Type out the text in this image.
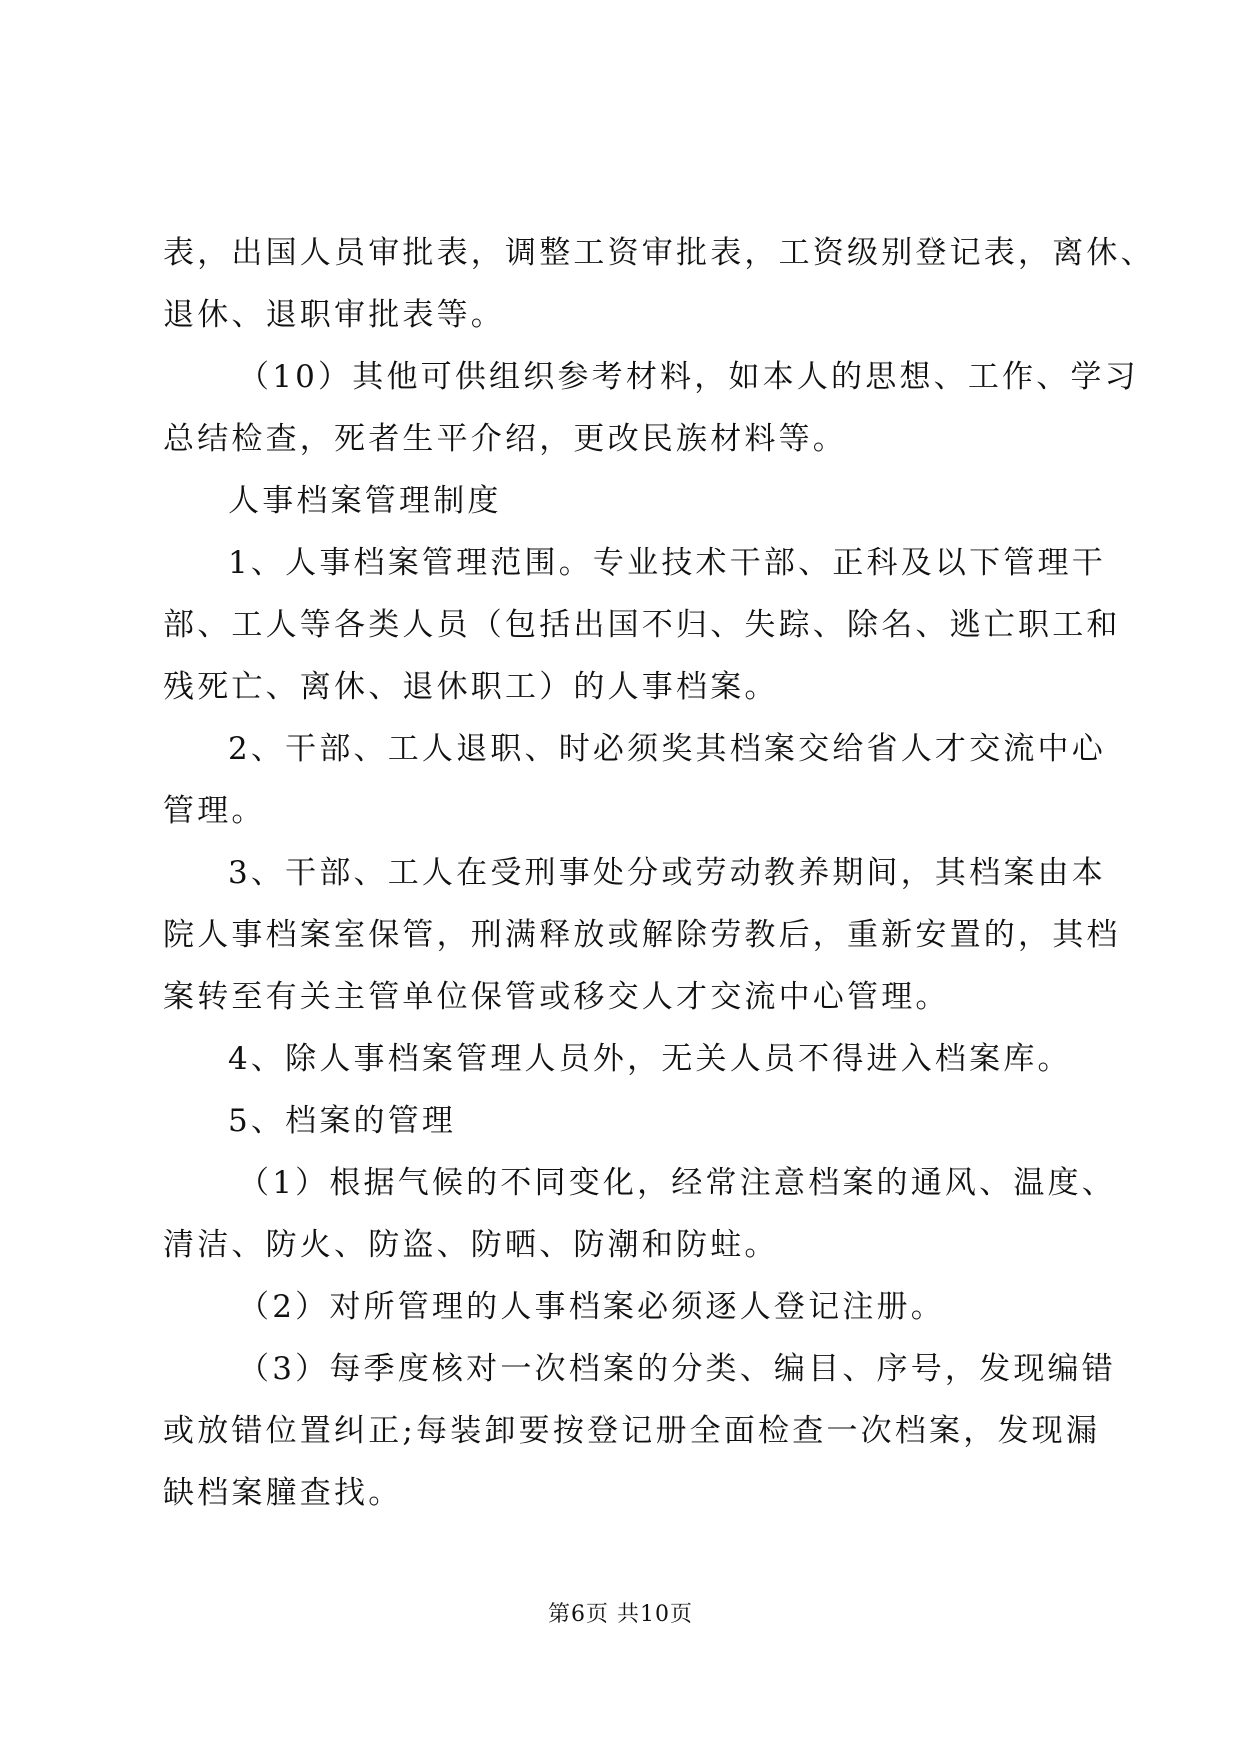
表，出国人员审批表，调整工资审批表，工资级别登记表，离休、
退休、退职审批表等。
（10）其他可供组织参考材料，如本人的思想、工作、学习
总结检查，死者生平介绍，更改民族材料等。
人事档案管理制度
1、人事档案管理范围。专业技术干部、正科及以下管理干
部、工人等各类人员（包括出国不归、失踪、除名、逃亡职工和
残死亡、离休、退休职工）的人事档案。
2、干部、工人退职、时必须奖其档案交给省人才交流中心
管理。
3、干部、工人在受刑事处分或劳动教养期间，其档案由本
院人事档案室保管，刑满释放或解除劳教后，重新安置的，其档
案转至有关主管单位保管或移交人才交流中心管理。
4、除人事档案管理人员外，无关人员不得进入档案库。
5、档案的管理
（1）根据气候的不同变化，经常注意档案的通风、温度、
清洁、防火、防盗、防晒、防潮和防蛀。
（2）对所管理的人事档案必须逐人登记注册。
（3）每季度核对一次档案的分类、编目、序号，发现编错
或放错位置纠正;每装卸要按登记册全面检查一次档案，发现漏
缺档案膧查找。
第6页 共10页
